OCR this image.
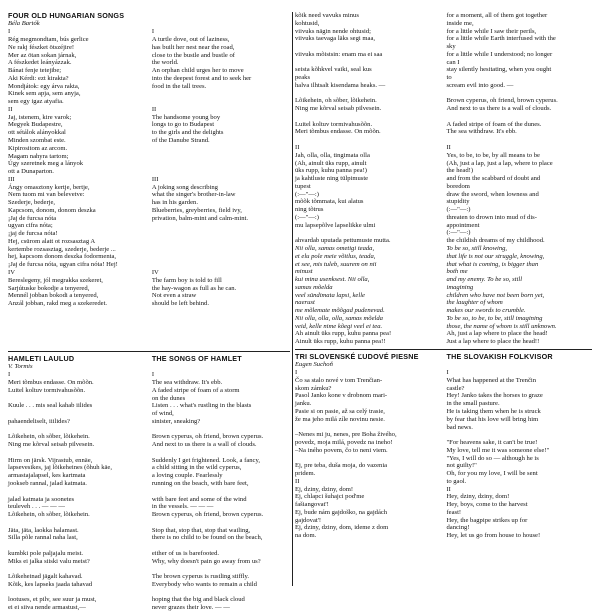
FOUR OLD HUNGARIAN SONGS
Béla Bartók
I
Rég megmondtam, bús gerlice
Ne rakj fészket ötszéjire!
Mer az ötan sokan járnak,
A fészkedet leányázzak.
Bánat fenje tetejibe;
Aki Kérdi: ezt kirakta?
Mondjátok: egy árva rakta,
Kinek sem apja, sem anyja,
sem egy igaz atyafia.
II
Jaj, istenem, kire varok;
Megyek Budapestre,
ott sétálok alányokkal
Minden szombat este.
Kipirositom az arcom.
Magam nahyra tartom;
Úgy szeretnek meg a lányok
ott a Dunaparton.
III
Ángy omasztony kertje, bertje,
Nem tuom mi van belevetve:
Szederje, bederje,
Kapcsom, donom, donom deszka
¡Jaj de furcsa nóta
ugyan cifra nóta;
¡jaj de furcsa nóta!
Hej, csürom alatt ot rozsasztag A
kertembe rozsasztag, szederje, bederje ...
hej, kapcsom donom deszka fodormenta,
¡Jaj de furcsa nóta, ugyan cifra nóta! Hej!
IV
Bereslegeny, jól megrakka szekeret,
Sarjútuske bokodje a tenyered,
Mennél jobban bokodi a tenyered,
Anzál jobban, rakd meg a szekeredet.
I
A turtle dove, out of laziness,
has built her nest near the road,
close to the bustle and bustle of
the world.
An orphan child urges her to move
into the deepest forest and to seek her
food in the tall trees.

II
The handsome young boy
longs to go to Budapest
to the girls and the delights
of the Danube Strand.

III
A joking song describing
what the singer's brother-in-law
has in his garden.
Blueberries, greyberries, field ivy,
privation, balm-mint and calm-mint.

IV
The farm boy is told to fill
the hay-wagon as full as he can.
Not even a straw
should be left behind.
HAMLETI LAULUD
V. Tormis
THE SONGS OF HAMLET
I
Meri tõmbus endasse. On mõõn.
Luitel koltuv tormivahusõõn.

Kuule . . . mis seal kahab iilides

pahaendeliselt, iiilides?

Lõikehein, oh sõber, lõikehein.
Ning me kõrval seisab pilvesein.

Hirm on järsk. Vijrastub, ennäe,
lapsevesikes, jaj lõikeheines (õhuh käe,
armastajalapsel, kes kartmata
jookseb rannal, jalad katmata.

jalad katmata ja soonetes
teuleveh . . . — — —
Lõikehein, oh sõber, lõikehein.

Jäta, jäta, laokka halamast.
Silla põle rannal naha last,

kumbki pole paljajalu meist.
Miks ei jalka siiski valu meist?

Lõikeheinad jägalt kahavad.
Kõik, kes lapseks jaada tahavad

lootuses, et pilv, see suur ja must,
ei ei siiva nende armastust,—
I
The sea withdraw. It's ebb.
A faded stripe of foam of a storm
on the dunes
Listen . . . what's rustling in the blasts
of wind,
sinister, sneaking?

Brown cyperus, oh friend, brown cyperus.
And next to us there is a wall of clouds.

Suddenly I get frightened. Look, a fancy,
a child sitting in the wild cyperus,
a loving couple. Fearlessly
running on the beach, with bare feet,

with bare feet and some of the wind
in the vessels. — — —
Brown cyperus, oh friend, brown cyperus.

Stop that, stop that, stop that wailing,
there is no child to be found on the beach,

either of us is barefooted.
Why, why doesn't pain go away from us?

The brown cyperus is rustling stiffly.
Everybody who wants to remain a child

hoping that the big and black cloud
never grazes their love. — —
kõik need vavuks minus
kohtusid,
viivuks nägin nende ohtusid;
viivuks taevaga läks segi maa,

viivuks mõistsin: enam ma ei saa

seista kõhkvel vaiki, seal kus
peaks
halva ilhtsalt kisendama heaks. —

Lõikehein, oh sõber, lõikehein.
Ning me kõrval seisab pilvesein.

Luitel koltuv tormivahusõõn.
Meri tõmbus endasse. On mõõn.

II
Jah, olla, olla, tingimata olla
(Ah, ainult üks rupp, ainult
üks rupp, kuhu panna pea!)
ja kahtluste ning tülpimuste
tupest
(:—"—:)
mõõk tõmmata, kui alatus
ning tõtrus
(:—"—:)
mu lapsepõlve lapselikke ulmi

ahvardab uputada pettumuste mutta.
for a moment, all of them got together
inside me,
for a little while I saw their perils,
for a little while Earth interfused with the
sky
for a little while I understood; no longer
can I
stay silently hesitating, when you ought
to
scream evil into good. —

Brown cyperus, oh friend, brown cyperus.
And next to us there is a wall of clouds.

A faded stripe of foam of the dunes.
The sea withdraw. It's ebb.

II
Yes, to be, to be, by all means to be
(Ah, just a lap, just a lap, where to place
the head!)
and from the scabbard of doubt and
boredom
draw the sword, when lowness and
stupidity
(:—"—:)
threaten to drown into mud of dis-
appointment
(:—"—:)
the childish dreams of my childhood.
Nii olla, samas ometigi teada,
et elu pole meie võitlus, teada,
et see, mis tuleb, suurem on nii
minust
kui mina usenksest. Nii olla,
samas mõelda
veel sündimata lapsi, kelle
naerust
me mõlemate mõõgad pudenevad.
Nii olla, olla, olla, samas mõelda
veid, kelle nime kõegi veel ei tea.
To be so, still knowing,
that life is not our struggle, knowing,
that what is coming, is bigger than
both me
and my enemy. To be so, still
imagining
children who have not been born yet,
the laughter of whom
makes our swords to crumble.
To be so, to be, to be, still imagining
those, the name of whom is still unknown.
Ah ainult üks rupp, kuhu panna pea!
Ainult üks rupp, kuhu panna pea!!
Ah, just a lap where to place the head!
Just a lap where to place the head!!
TRI SLOVENSKÉ ĽUDOVÉ PIESNE
Eugen Suchoň
THE SLOVAKISH FOLKVISOR
I
Čo sa stalo nové v tom Trenčian-
skom zámku?
Pasol Janko kone v drobnom mari-
janku.
Pasie si on pasie, až sa celý trasie,
že ma jeho milá zíle novinu nesie.

–Nenes mi ju, nenes, pre Boha živého,
povedz, moja milá, povedz na ineho!
–Na iného povem, čo to neni viem.

Ej, pre teba, duša moja, do vazenia
pridem.
II
Ej, dziny, dziny, dom!
Ej, chlapci šuhajci pod'me
fašiangovat'!
Ej, bude nám gajdoško, na gajdách
gajdovat'!
Ej, dziny, dziny, dom, ideme z dom
na dom.
I
What has happened at the Trenčin
castle?
Hey! Janko takes the horses to graze
in the small pasture.
He is taking them when he is struck
by fear that his love will bring him
bad news.

"For heavens sake, it can't be true!
My love, tell me it was someone else!"
"Yes, I will do so — although he is
not guilty!"
Oh, for you my love, I will be sent
to gaol.
II
Hey, dziny, dziny, dom!
Hey, boys, come to the harvest
feast!
Hey, the bagpipe strikes up for
dancing!
Hey, let us go from house to house!
